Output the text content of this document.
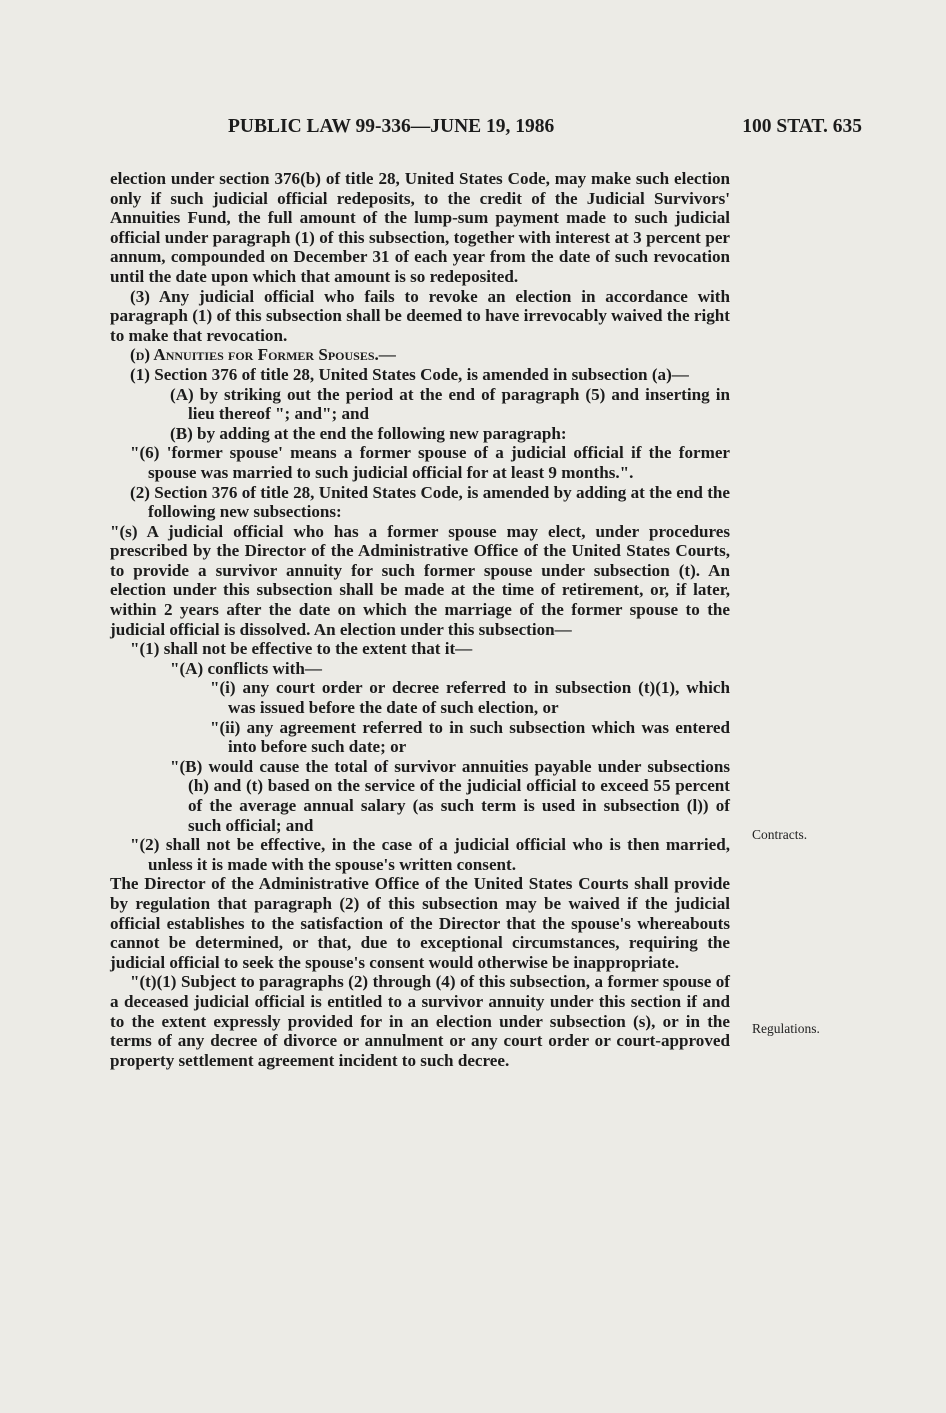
PUBLIC LAW 99-336—JUNE 19, 1986	100 STAT. 635

election under section 376(b) of title 28, United States Code, may make such election only if such judicial official redeposits, to the credit of the Judicial Survivors' Annuities Fund, the full amount of the lump-sum payment made to such judicial official under paragraph (1) of this subsection, together with interest at 3 percent per annum, compounded on December 31 of each year from the date of such revocation until the date upon which that amount is so redeposited.

(3) Any judicial official who fails to revoke an election in accordance with paragraph (1) of this subsection shall be deemed to have irrevocably waived the right to make that revocation.

(d) Annuities for Former Spouses.—

(1) Section 376 of title 28, United States Code, is amended in subsection (a)—

(A) by striking out the period at the end of paragraph (5) and inserting in lieu thereof "; and"; and

(B) by adding at the end the following new paragraph:

"(6) 'former spouse' means a former spouse of a judicial official if the former spouse was married to such judicial official for at least 9 months.".

(2) Section 376 of title 28, United States Code, is amended by adding at the end the following new subsections:

"(s) A judicial official who has a former spouse may elect, under procedures prescribed by the Director of the Administrative Office of the United States Courts, to provide a survivor annuity for such former spouse under subsection (t). An election under this subsection shall be made at the time of retirement, or, if later, within 2 years after the date on which the marriage of the former spouse to the judicial official is dissolved. An election under this subsection—

"(1) shall not be effective to the extent that it—

"(A) conflicts with—

"(i) any court order or decree referred to in subsection (t)(1), which was issued before the date of such election, or

"(ii) any agreement referred to in such subsection which was entered into before such date; or

"(B) would cause the total of survivor annuities payable under subsections (h) and (t) based on the service of the judicial official to exceed 55 percent of the average annual salary (as such term is used in subsection (l)) of such official; and

"(2) shall not be effective, in the case of a judicial official who is then married, unless it is made with the spouse's written consent.

The Director of the Administrative Office of the United States Courts shall provide by regulation that paragraph (2) of this subsection may be waived if the judicial official establishes to the satisfaction of the Director that the spouse's whereabouts cannot be determined, or that, due to exceptional circumstances, requiring the judicial official to seek the spouse's consent would otherwise be inappropriate.

"(t)(1) Subject to paragraphs (2) through (4) of this subsection, a former spouse of a deceased judicial official is entitled to a survivor annuity under this section if and to the extent expressly provided for in an election under subsection (s), or in the terms of any decree of divorce or annulment or any court order or court-approved property settlement agreement incident to such decree.

Contracts.
Regulations.
